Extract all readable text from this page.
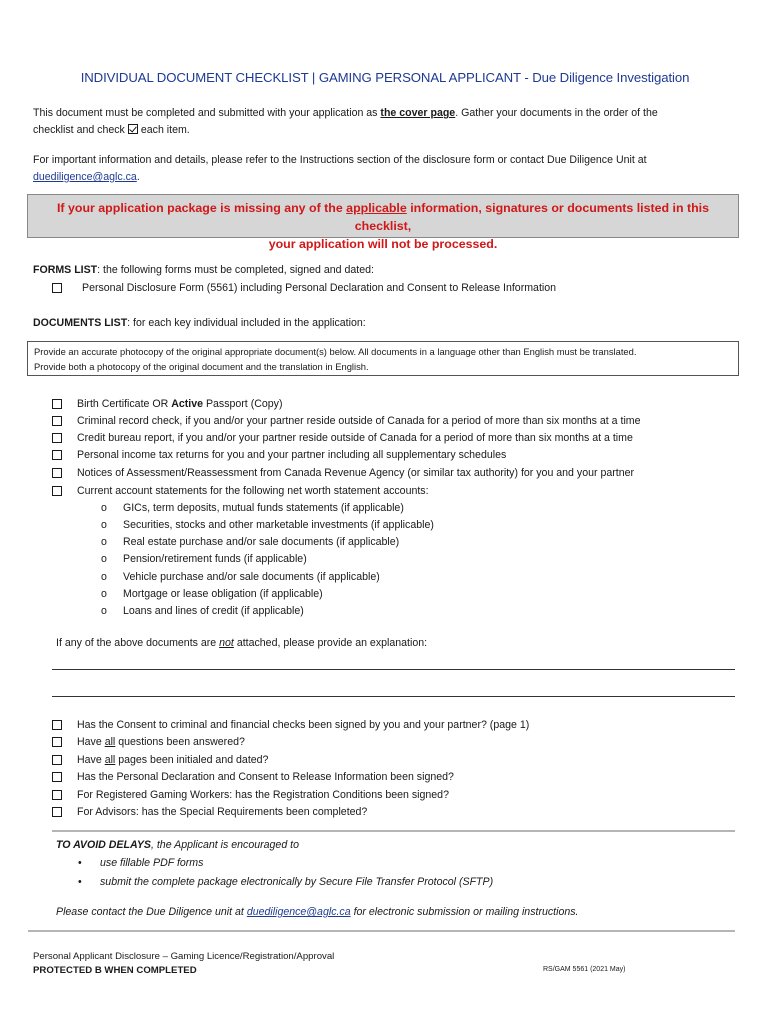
INDIVIDUAL DOCUMENT CHECKLIST | GAMING PERSONAL APPLICANT - Due Diligence Investigation
This document must be completed and submitted with your application as the cover page. Gather your documents in the order of the
checklist and check each item.
For important information and details, please refer to the Instructions section of the disclosure form or contact Due Diligence Unit at
duediligence@aglc.ca.
If your application package is missing any of the applicable information, signatures or documents listed in this checklist,
your application will not be processed.
FORMS LIST: the following forms must be completed, signed and dated:
Personal Disclosure Form (5561) including Personal Declaration and Consent to Release Information
DOCUMENTS LIST: for each key individual included in the application:
Provide an accurate photocopy of the original appropriate document(s) below. All documents in a language other than English must be translated.
Provide both a photocopy of the original document and the translation in English.
Birth Certificate OR Active Passport (Copy)
Criminal record check, if you and/or your partner reside outside of Canada for a period of more than six months at a time
Credit bureau report, if you and/or your partner reside outside of Canada for a period of more than six months at a time
Personal income tax returns for you and your partner including all supplementary schedules
Notices of Assessment/Reassessment from Canada Revenue Agency (or similar tax authority) for you and your partner
Current account statements for the following net worth statement accounts:
o	GICs, term deposits, mutual funds statements (if applicable)
o	Securities, stocks and other marketable investments (if applicable)
o	Real estate purchase and/or sale documents (if applicable)
o	Pension/retirement funds (if applicable)
o	Vehicle purchase and/or sale documents (if applicable)
o	Mortgage or lease obligation (if applicable)
o	Loans and lines of credit (if applicable)
If any of the above documents are not attached, please provide an explanation:
Has the Consent to criminal and financial checks been signed by you and your partner? (page 1)
Have all questions been answered?
Have all pages been initialed and dated?
Has the Personal Declaration and Consent to Release Information been signed?
For Registered Gaming Workers: has the Registration Conditions been signed?
For Advisors: has the Special Requirements been completed?
TO AVOID DELAYS, the Applicant is encouraged to
•	use fillable PDF forms
•	submit the complete package electronically by Secure File Transfer Protocol (SFTP)
Please contact the Due Diligence unit at duediligence@aglc.ca for electronic submission or mailing instructions.
Personal Applicant Disclosure – Gaming Licence/Registration/Approval
PROTECTED B WHEN COMPLETED	RS/GAM 5561 (2021 May)
